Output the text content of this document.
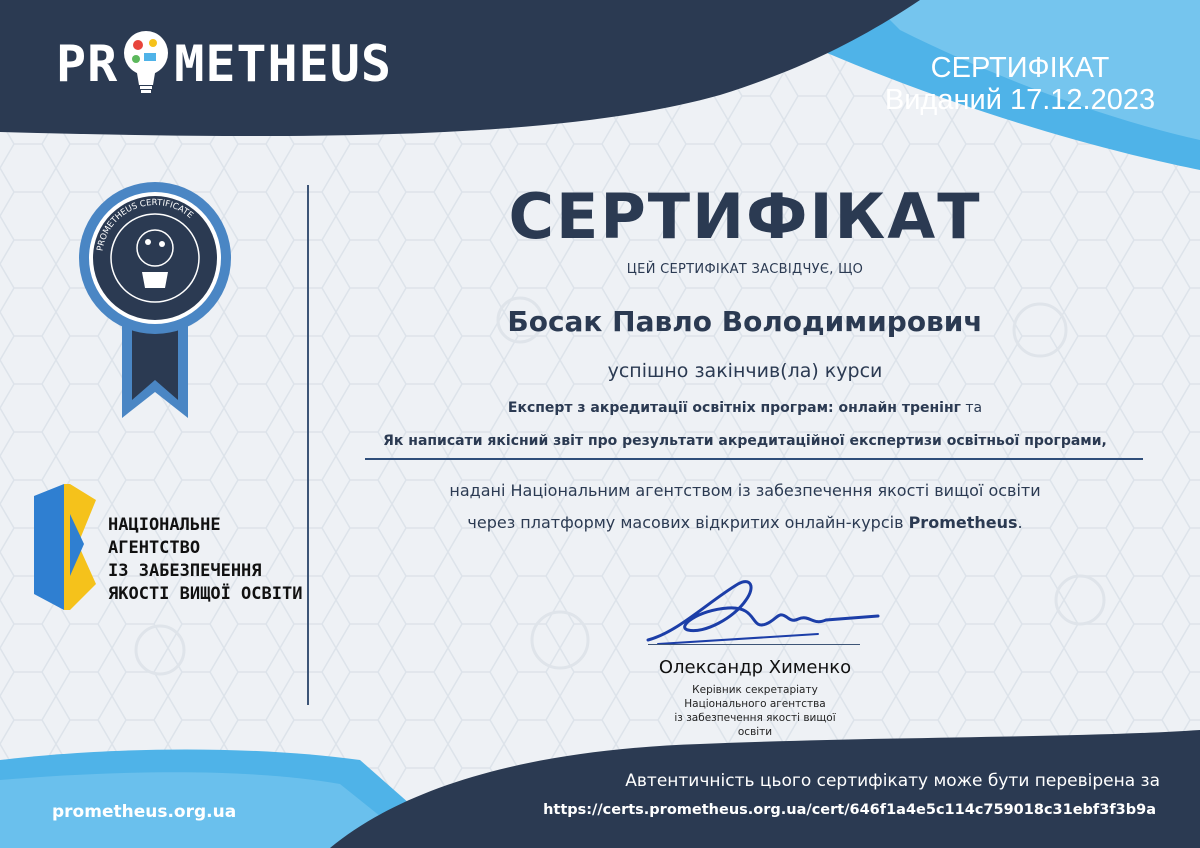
PR METHEUS	СЕРТИФІКАТ
Виданий 17.12.2023
PROMETHEUS CERTIFICATE
НАЦІОНАЛЬНЕ
АГЕНТСТВО
ІЗ ЗАБЕЗПЕЧЕННЯ
ЯКОСТІ ВИЩОЇ ОСВІТИ
СЕРТИФІКАТ
ЦЕЙ СЕРТИФІКАТ ЗАСВІДЧУЄ, ЩО
Босак Павло Володимирович
успішно закінчив(ла) курси
Експерт з акредитації освітніх програм: онлайн тренінг та
Як написати якісний звіт про результати акредитаційної експертизи освітньої програми,
надані Національним агентством із забезпечення якості вищої освіти
через платформу масових відкритих онлайн-курсів Prometheus.
Олександр Хименко
Керівник секретаріату
Національного агентства
із забезпечення якості вищої
освіти
prometheus.org.ua
Автентичність цього сертифікату може бути перевірена за
https://certs.prometheus.org.ua/cert/646f1a4e5c114c759018c31ebf3f3b9a
